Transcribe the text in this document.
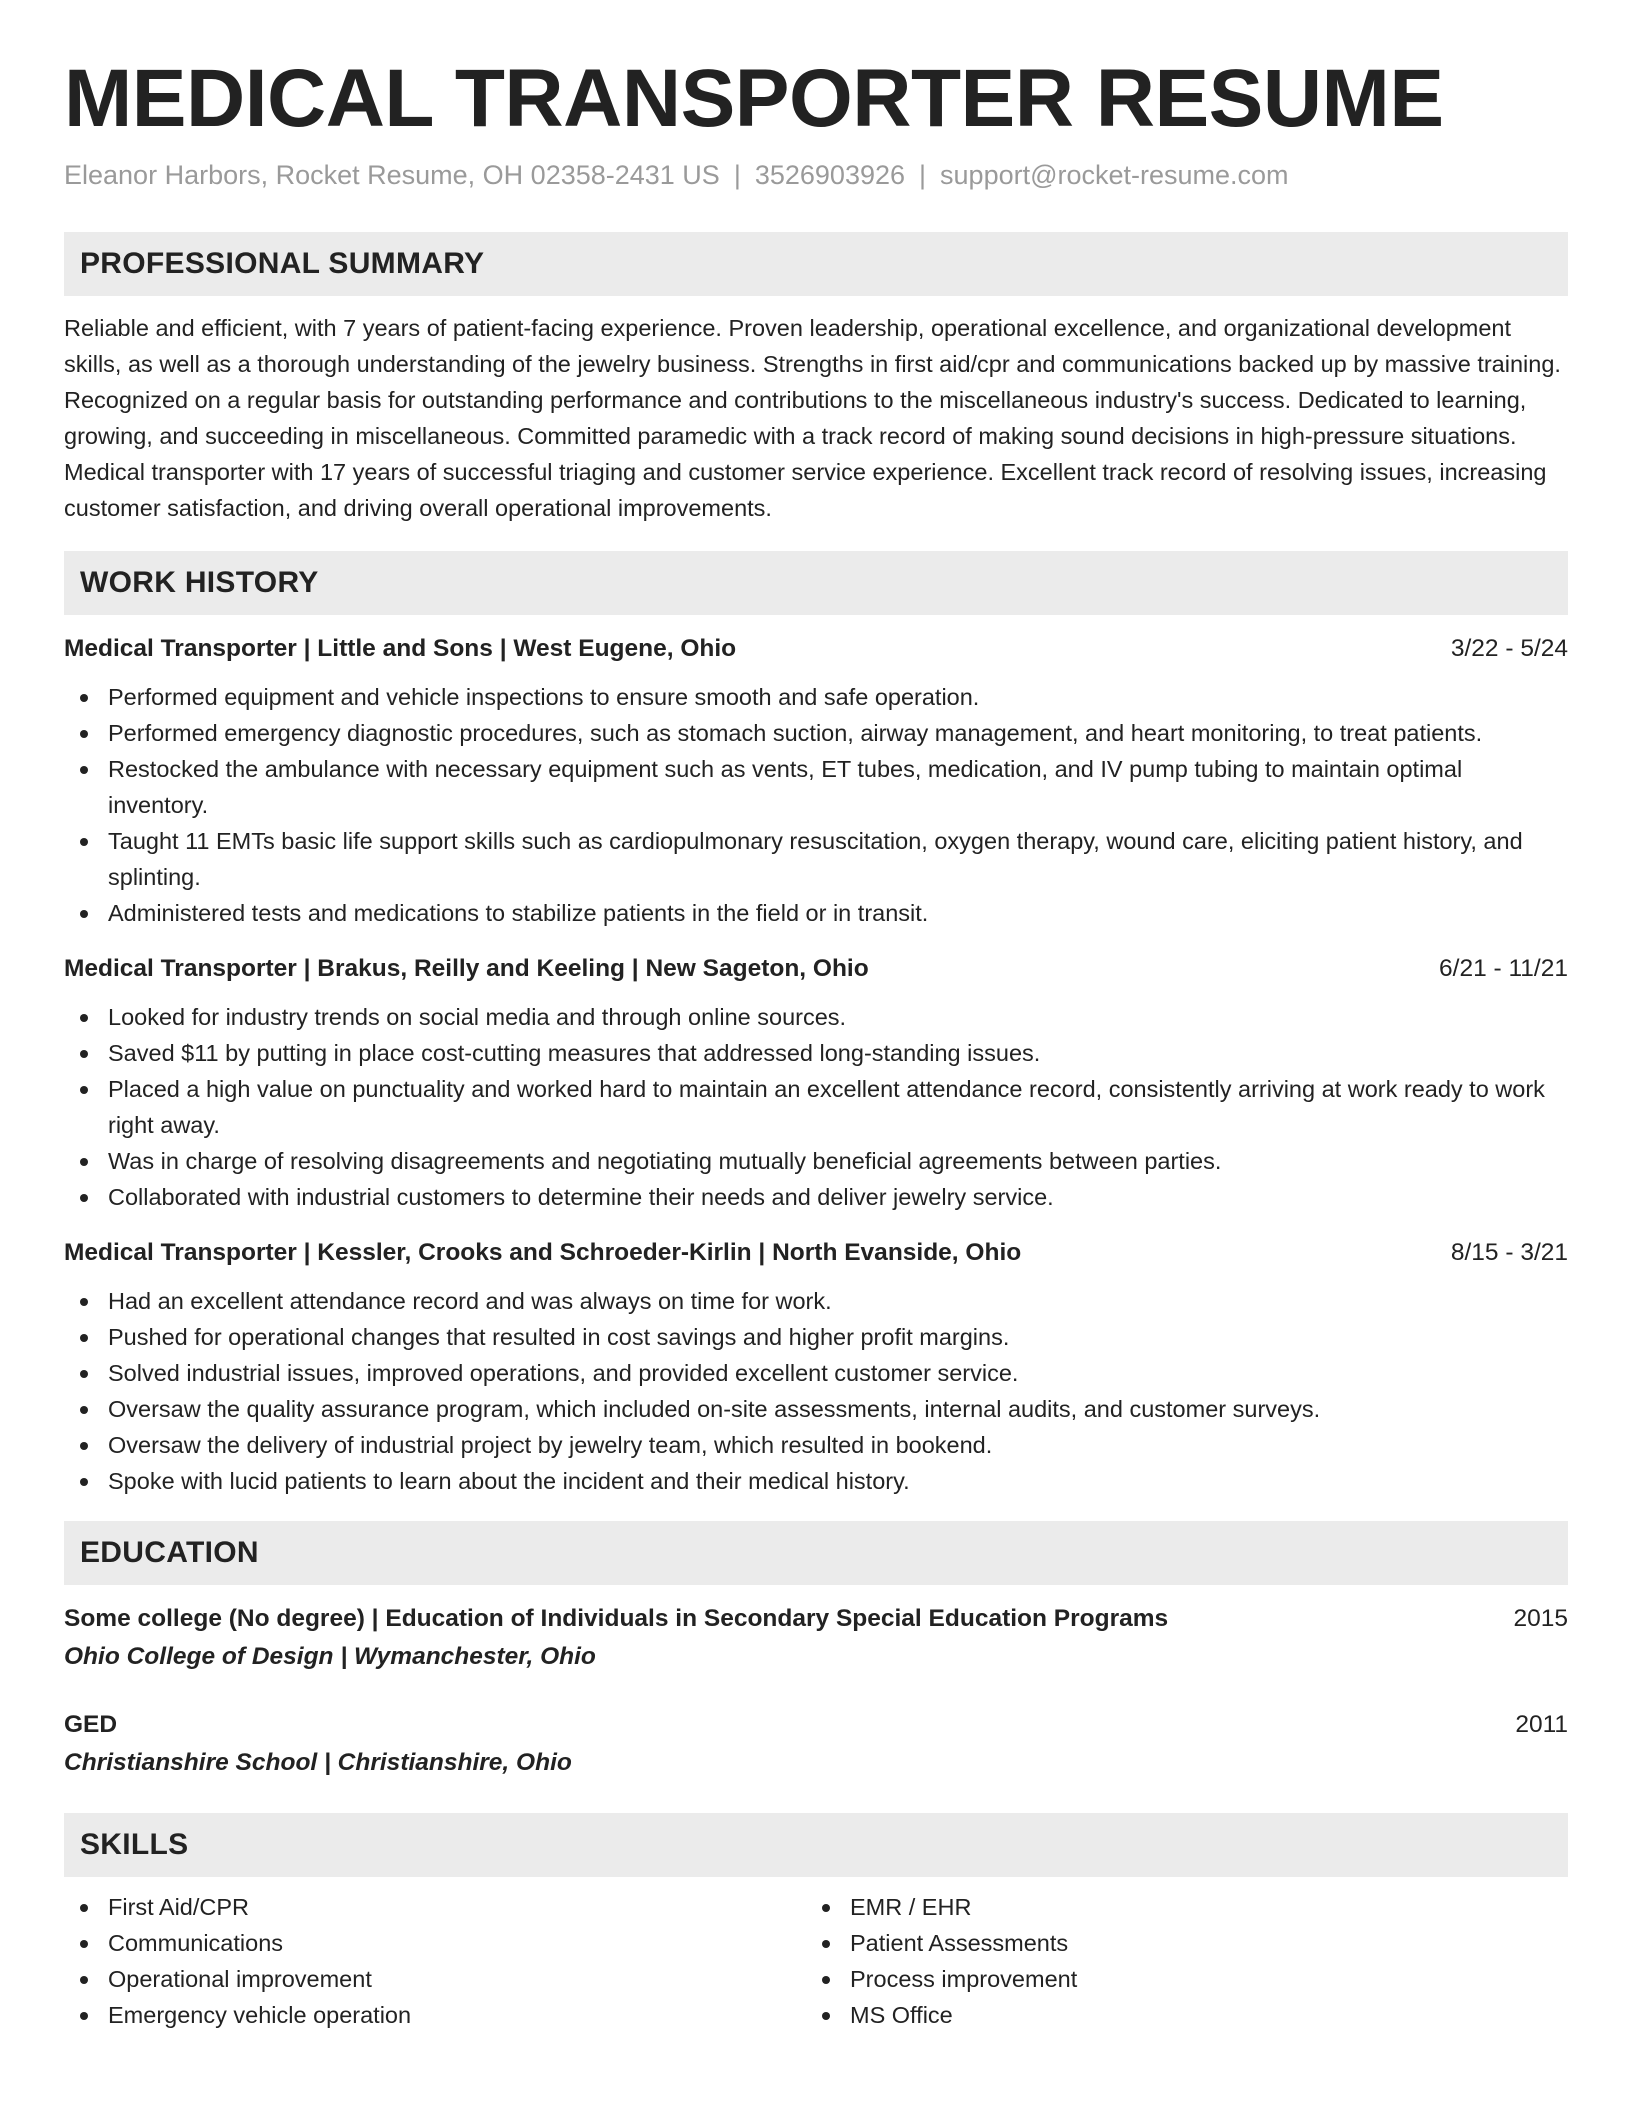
MEDICAL TRANSPORTER RESUME
Eleanor Harbors, Rocket Resume, OH 02358-2431 US | 3526903926 | support@rocket-resume.com
PROFESSIONAL SUMMARY

Reliable and efficient, with 7 years of patient-facing experience. Proven leadership, operational excellence, and organizational development skills, as well as a thorough understanding of the jewelry business. Strengths in first aid/cpr and communications backed up by massive training. Recognized on a regular basis for outstanding performance and contributions to the miscellaneous industry's success. Dedicated to learning, growing, and succeeding in miscellaneous. Committed paramedic with a track record of making sound decisions in high-pressure situations. Medical transporter with 17 years of successful triaging and customer service experience. Excellent track record of resolving issues, increasing customer satisfaction, and driving overall operational improvements.

WORK HISTORY
Medical Transporter | Little and Sons | West Eugene, Ohio	3/22 - 5/24
Performed equipment and vehicle inspections to ensure smooth and safe operation.
Performed emergency diagnostic procedures, such as stomach suction, airway management, and heart monitoring, to treat patients.
Restocked the ambulance with necessary equipment such as vents, ET tubes, medication, and IV pump tubing to maintain optimal inventory.
Taught 11 EMTs basic life support skills such as cardiopulmonary resuscitation, oxygen therapy, wound care, eliciting patient history, and splinting.
Administered tests and medications to stabilize patients in the field or in transit.
Medical Transporter | Brakus, Reilly and Keeling | New Sageton, Ohio	6/21 - 11/21
Looked for industry trends on social media and through online sources.
Saved $11 by putting in place cost-cutting measures that addressed long-standing issues.
Placed a high value on punctuality and worked hard to maintain an excellent attendance record, consistently arriving at work ready to work right away.
Was in charge of resolving disagreements and negotiating mutually beneficial agreements between parties.
Collaborated with industrial customers to determine their needs and deliver jewelry service.
Medical Transporter | Kessler, Crooks and Schroeder-Kirlin | North Evanside, Ohio	8/15 - 3/21
Had an excellent attendance record and was always on time for work.
Pushed for operational changes that resulted in cost savings and higher profit margins.
Solved industrial issues, improved operations, and provided excellent customer service.
Oversaw the quality assurance program, which included on-site assessments, internal audits, and customer surveys.
Oversaw the delivery of industrial project by jewelry team, which resulted in bookend.
Spoke with lucid patients to learn about the incident and their medical history.
EDUCATION
Some college (No degree) | Education of Individuals in Secondary Special Education Programs	2015
Ohio College of Design | Wymanchester, Ohio
GED	2011
Christianshire School | Christianshire, Ohio
SKILLS
First Aid/CPR
Communications
Operational improvement
Emergency vehicle operation
EMR / EHR
Patient Assessments
Process improvement
MS Office
